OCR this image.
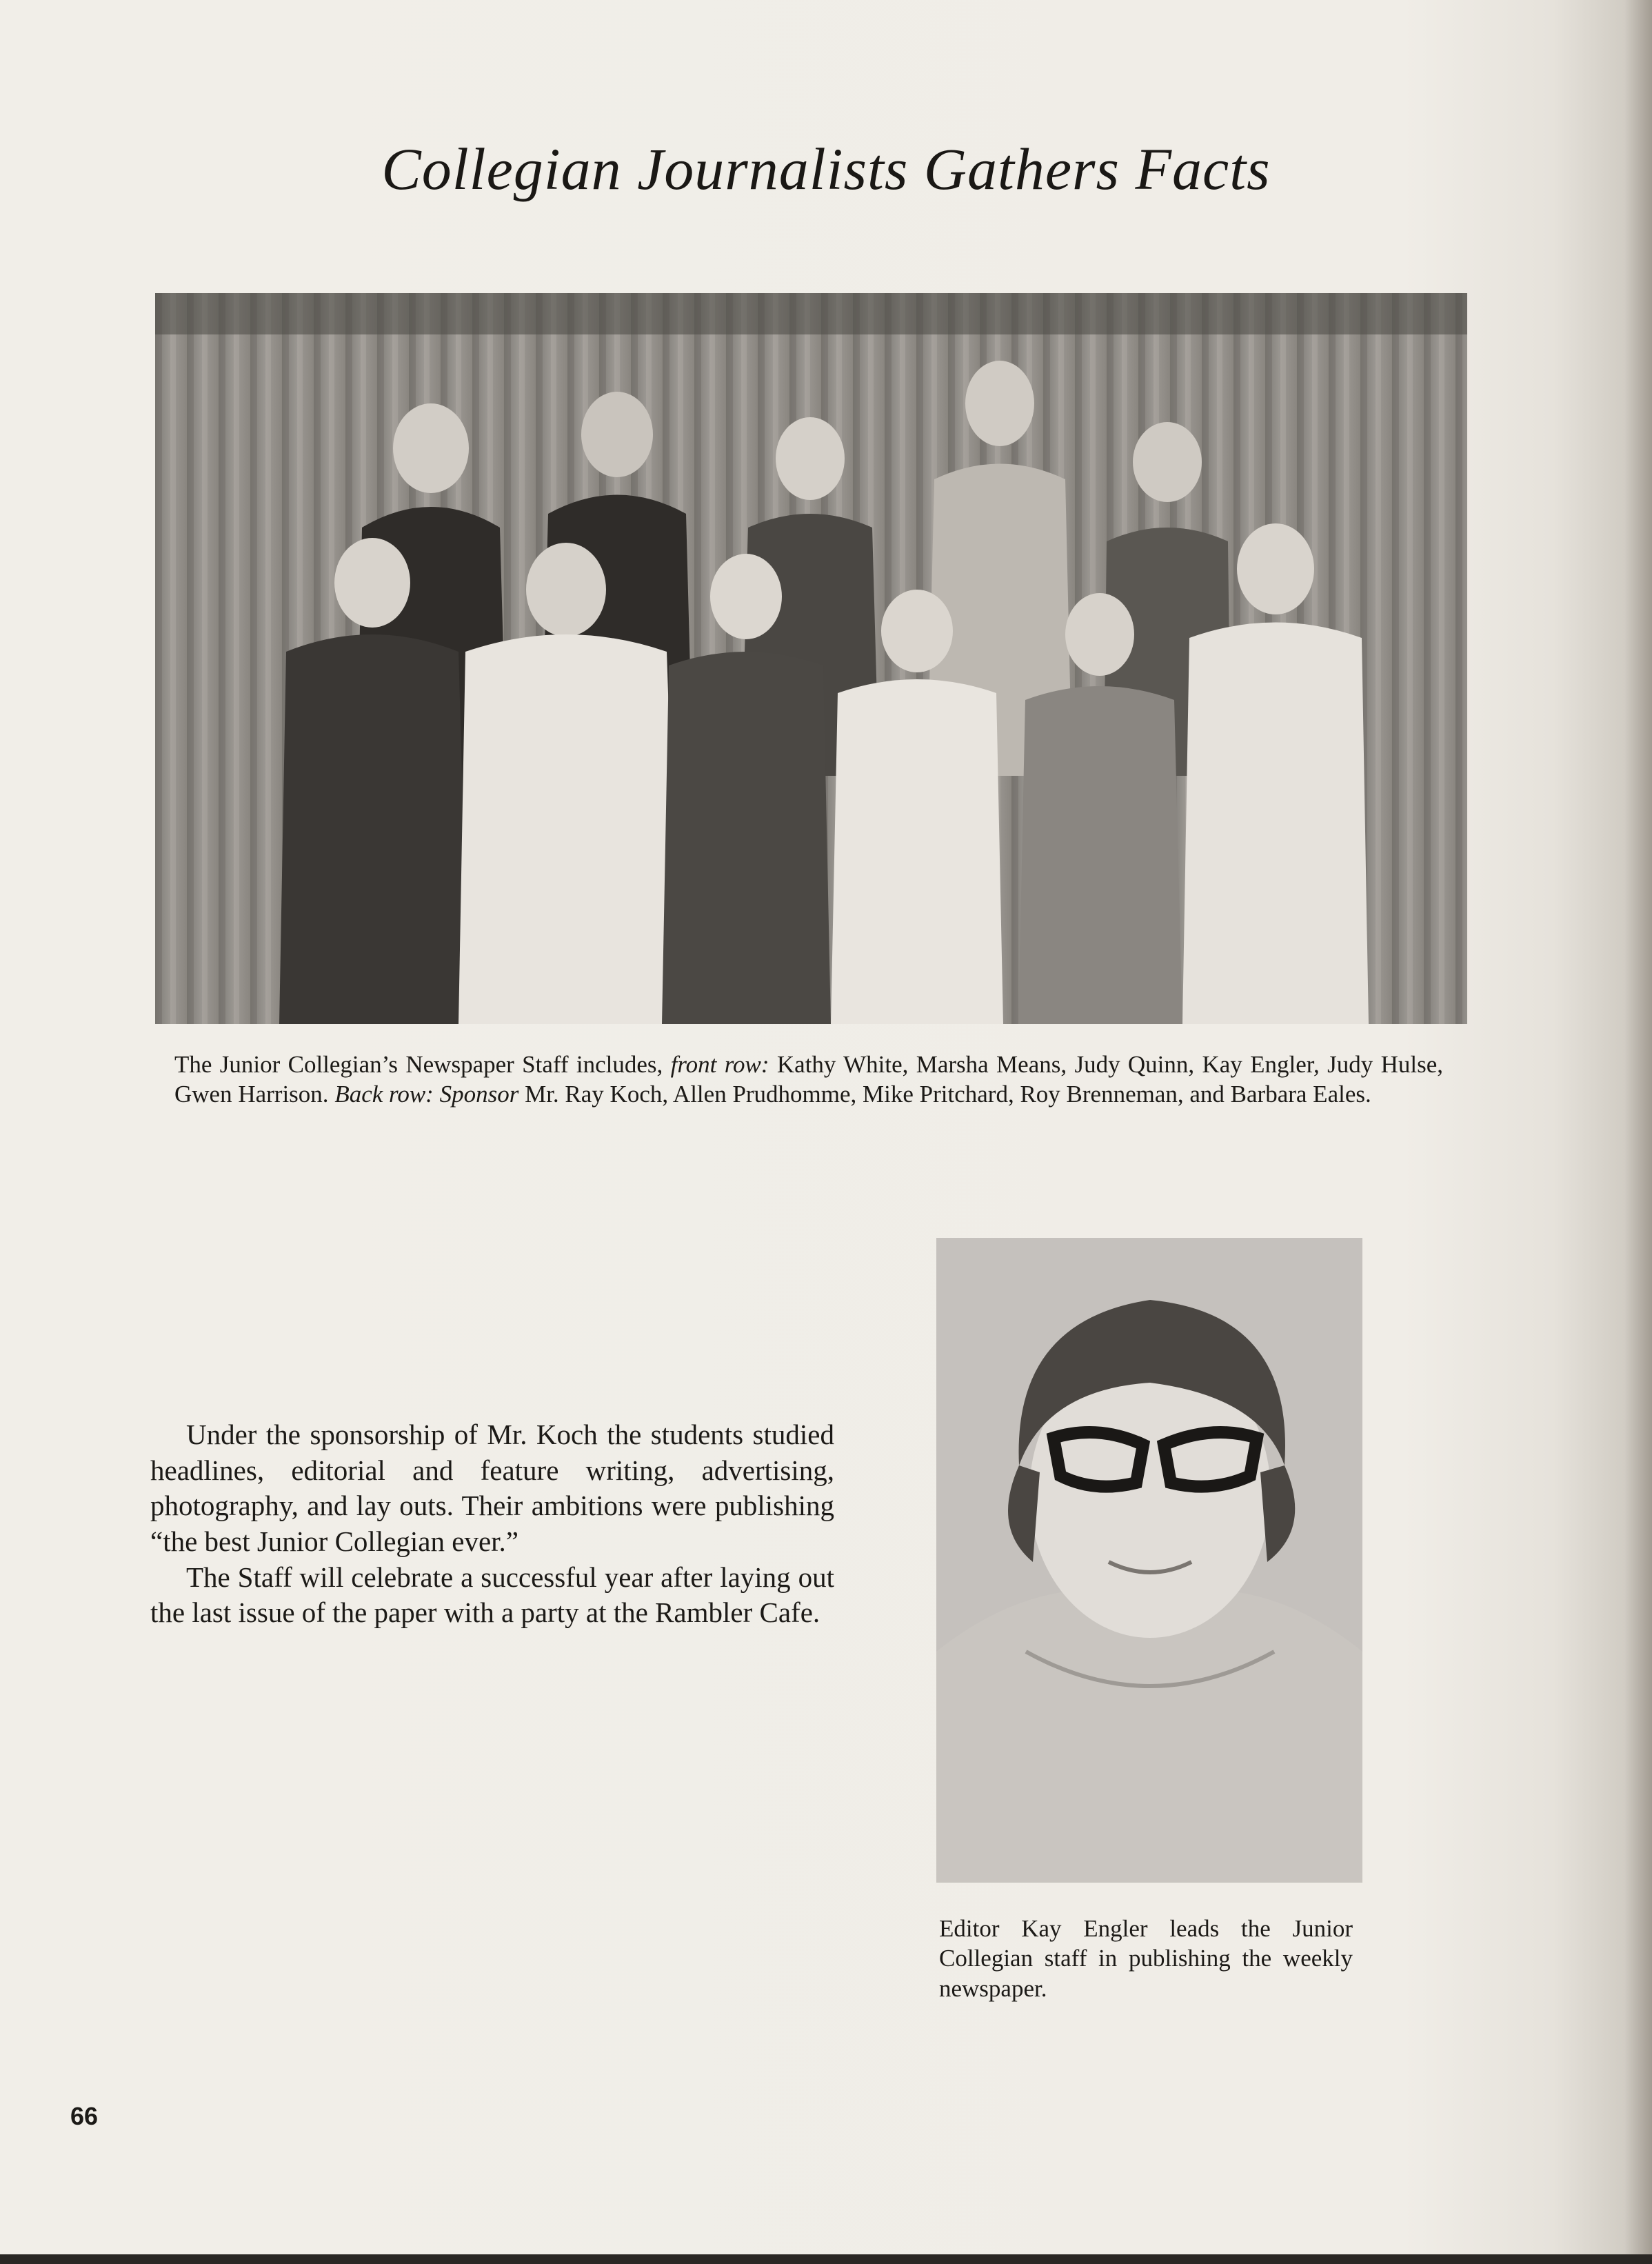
Collegian Journalists Gathers Facts

The Junior Collegian’s Newspaper Staff includes, front row: Kathy White, Marsha Means, Judy Quinn, Kay Engler, Judy Hulse, Gwen Harrison. Back row: Sponsor Mr. Ray Koch, Allen Prudhomme, Mike Pritchard, Roy Brenneman, and Barbara Eales.

Under the sponsorship of Mr. Koch the students studied headlines, editorial and feature writing, advertising, photography, and lay outs. Their ambitions were publishing “the best Junior Collegian ever.”

The Staff will celebrate a successful year after laying out the last issue of the paper with a party at the Rambler Cafe.

Editor Kay Engler leads the Junior Collegian staff in publishing the weekly newspaper.

66
